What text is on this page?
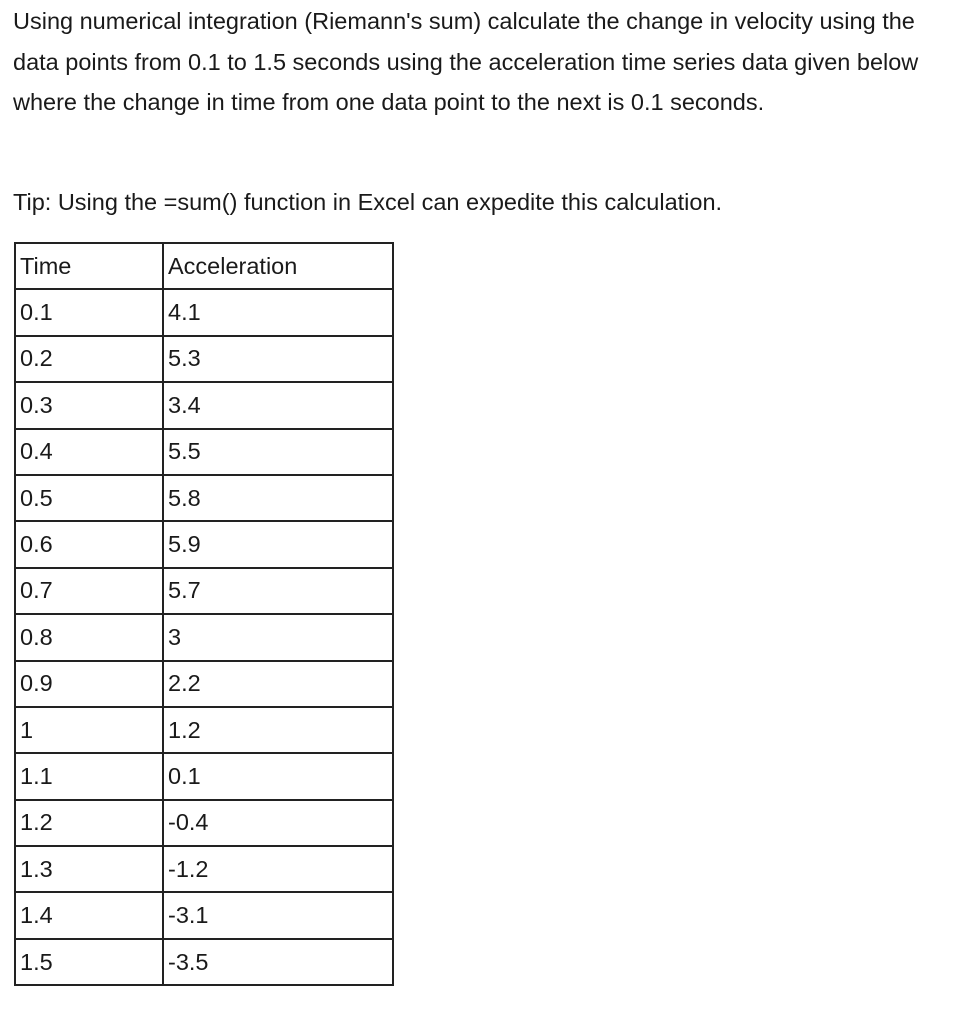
Using numerical integration (Riemann's sum) calculate the change in velocity using the data points from 0.1 to 1.5 seconds using the acceleration time series data given below where the change in time from one data point to the next is 0.1 seconds.

Tip: Using the =sum() function in Excel can expedite this calculation.

Time	Acceleration
0.1	4.1
0.2	5.3
0.3	3.4
0.4	5.5
0.5	5.8
0.6	5.9
0.7	5.7
0.8	3
0.9	2.2
1	1.2
1.1	0.1
1.2	-0.4
1.3	-1.2
1.4	-3.1
1.5	-3.5
